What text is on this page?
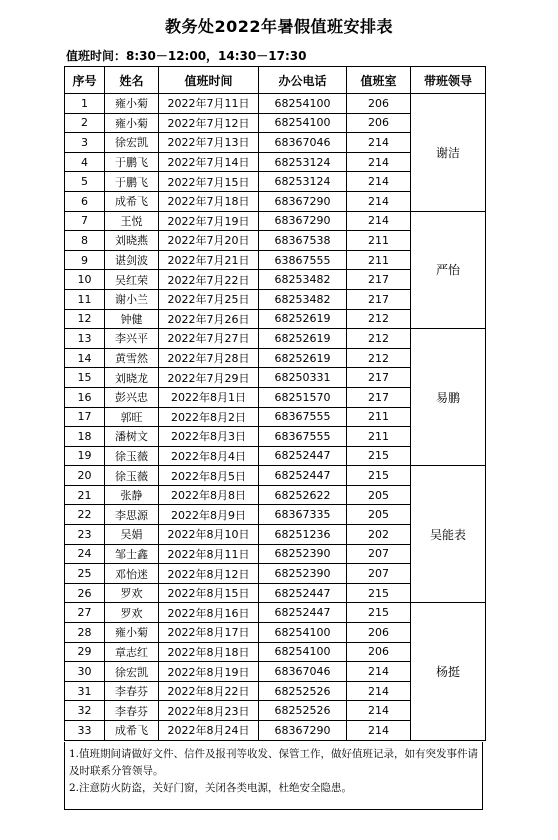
教务处2022年暑假值班安排表
值班时间：8:30－12:00，14:30－17:30
序号	姓名	值班时间	办公电话	值班室	带班领导
1	雍小菊	2022年7月11日	68254100	206	谢洁
2	雍小菊	2022年7月12日	68254100	206	
3	徐宏凯	2022年7月13日	68367046	214	
4	于鹏飞	2022年7月14日	68253124	214	
5	于鹏飞	2022年7月15日	68253124	214	
6	成希飞	2022年7月18日	68367290	214	
7	王悦	2022年7月19日	68367290	214	严怡
8	刘晓燕	2022年7月20日	68367538	211	
9	谌剑波	2022年7月21日	63867555	211	
10	吴红荣	2022年7月22日	68253482	217	
11	谢小兰	2022年7月25日	68253482	217	
12	钟健	2022年7月26日	68252619	212	
13	李兴平	2022年7月27日	68252619	212	易鹏
14	黄雪然	2022年7月28日	68252619	212	
15	刘晓龙	2022年7月29日	68250331	217	
16	彭兴忠	2022年8月1日	68251570	217	
17	郭旺	2022年8月2日	68367555	211	
18	潘树文	2022年8月3日	68367555	211	
19	徐玉薇	2022年8月4日	68252447	215	
20	徐玉薇	2022年8月5日	68252447	215	吴能表
21	张静	2022年8月8日	68252622	205	
22	李思源	2022年8月9日	68367335	205	
23	吴娟	2022年8月10日	68251236	202	
24	邹士鑫	2022年8月11日	68252390	207	
25	邓怡迷	2022年8月12日	68252390	207	
26	罗欢	2022年8月15日	68252447	215	
27	罗欢	2022年8月16日	68252447	215	杨挺
28	雍小菊	2022年8月17日	68254100	206	
29	章志红	2022年8月18日	68254100	206	
30	徐宏凯	2022年8月19日	68367046	214	
31	李春芬	2022年8月22日	68252526	214	
32	李春芬	2022年8月23日	68252526	214	
33	成希飞	2022年8月24日	68367290	214	
1.值班期间请做好文件、信件及报刊等收发、保管工作，做好值班记录，如有突发事件请及时联系分管领导。
2.注意防火防盗，关好门窗，关闭各类电源，杜绝安全隐患。
